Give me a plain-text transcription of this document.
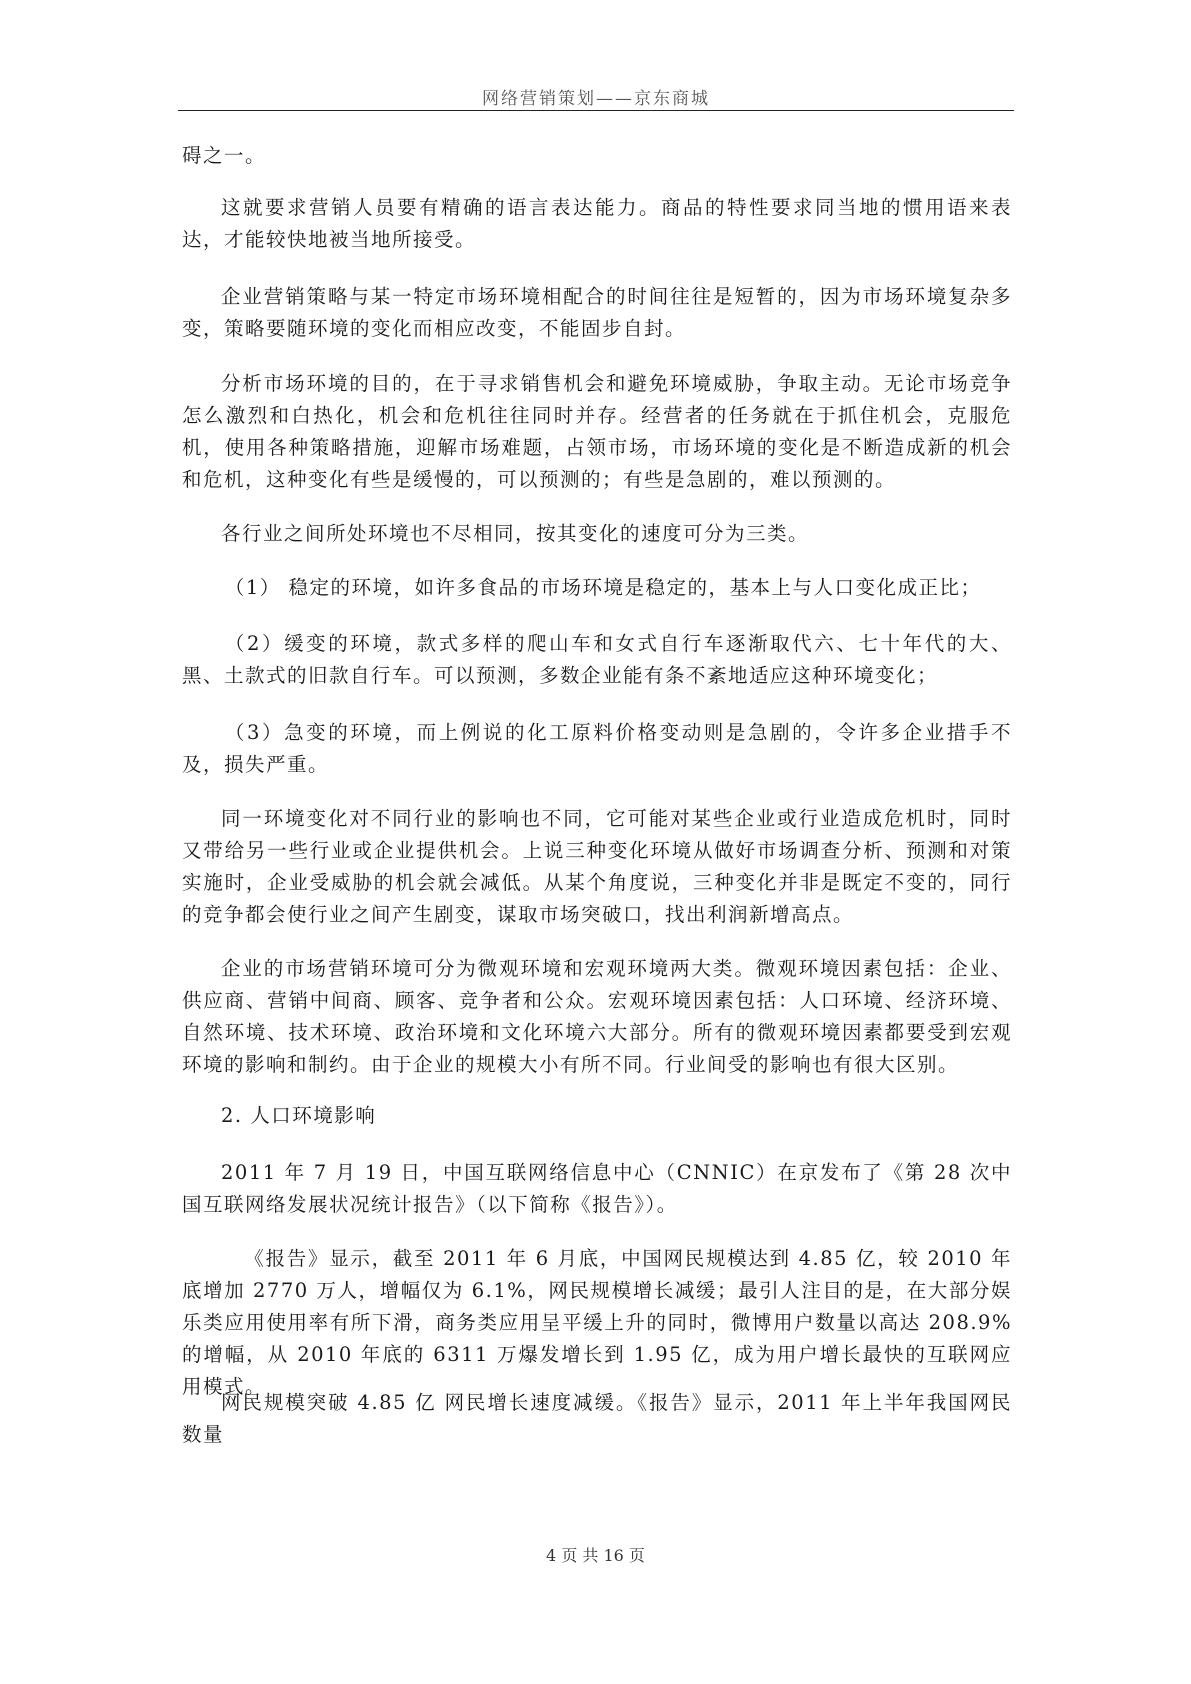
网络营销策划——京东商城

碍之一。

这就要求营销人员要有精确的语言表达能力。商品的特性要求同当地的惯用语来表达，才能较快地被当地所接受。

企业营销策略与某一特定市场环境相配合的时间往往是短暂的，因为市场环境复杂多变，策略要随环境的变化而相应改变，不能固步自封。

分析市场环境的目的，在于寻求销售机会和避免环境威胁，争取主动。无论市场竞争怎么激烈和白热化，机会和危机往往同时并存。经营者的任务就在于抓住机会，克服危机，使用各种策略措施，迎解市场难题，占领市场，市场环境的变化是不断造成新的机会和危机，这种变化有些是缓慢的，可以预测的；有些是急剧的，难以预测的。

各行业之间所处环境也不尽相同，按其变化的速度可分为三类。

（1） 稳定的环境，如许多食品的市场环境是稳定的，基本上与人口变化成正比；

（2）缓变的环境，款式多样的爬山车和女式自行车逐渐取代六、七十年代的大、黑、土款式的旧款自行车。可以预测，多数企业能有条不紊地适应这种环境变化；

（3）急变的环境，而上例说的化工原料价格变动则是急剧的，令许多企业措手不及，损失严重。

同一环境变化对不同行业的影响也不同，它可能对某些企业或行业造成危机时，同时又带给另一些行业或企业提供机会。上说三种变化环境从做好市场调查分析、预测和对策实施时，企业受威胁的机会就会减低。从某个角度说，三种变化并非是既定不变的，同行的竞争都会使行业之间产生剧变，谋取市场突破口，找出利润新增高点。

企业的市场营销环境可分为微观环境和宏观环境两大类。微观环境因素包括：企业、供应商、营销中间商、顾客、竞争者和公众。宏观环境因素包括：人口环境、经济环境、自然环境、技术环境、政治环境和文化环境六大部分。所有的微观环境因素都要受到宏观环境的影响和制约。由于企业的规模大小有所不同。行业间受的影响也有很大区别。

2. 人口环境影响

2011 年 7 月 19 日，中国互联网络信息中心（CNNIC）在京发布了《第 28 次中国互联网络发展状况统计报告》（以下简称《报告》）。

《报告》显示，截至 2011 年 6 月底，中国网民规模达到 4.85 亿，较 2010 年底增加 2770 万人，增幅仅为 6.1%，网民规模增长减缓；最引人注目的是，在大部分娱乐类应用使用率有所下滑，商务类应用呈平缓上升的同时，微博用户数量以高达 208.9%的增幅，从 2010 年底的 6311 万爆发增长到 1.95 亿，成为用户增长最快的互联网应用模式。

网民规模突破 4.85 亿 网民增长速度减缓。《报告》显示，2011 年上半年我国网民数量

4 页 共 16 页
